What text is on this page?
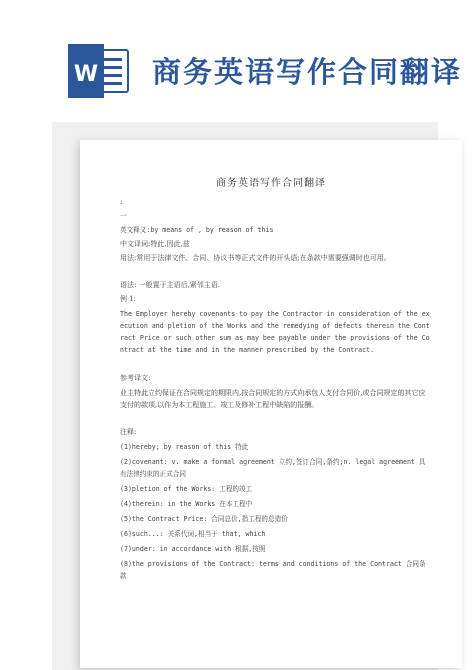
W 商务英语写作合同翻译
商务英语写作合同翻译
:
一
英文释义:by means of , by reason of this
中文译词:特此,因此,兹
用法:常用于法律文件、合同、协议书等正式文件的开头语;在条款中需要强调时也可用。
语法: 一般置于主语后,紧邻主语.
例 1:
The Employer hereby covenants to pay the Contractor in consideration of the execution and pletion of the Works and the remedying of defects therein the Contract Price or such other sum as may bee payable under the provisions of the Contract at the time and in the manner prescribed by the Contract.
参考译文:
业主特此立约保证在合同规定的期限内,按合同规定的方式向承包人支付合同价,或合同规定的其它应支付的款项,以作为本工程施工、竣工及修补工程中缺陷的报酬。
注释:
(1)hereby; by reason of this 特此
(2)covenant: v. make a formal agreement 立约,签订合同,条约;n. legal agreement 具有法律约束的正式合同
(3)pletion of the Works: 工程的竣工
(4)therein: in the Works 在本工程中
(5)the Contract Price: 合同总价,指工程的总造价
(6)such...: 关系代词,相当于 that, which
(7)under: in accordance with 根据,按照
(8)the provisions of the Contract: terms and conditions of the Contract 合同条款
